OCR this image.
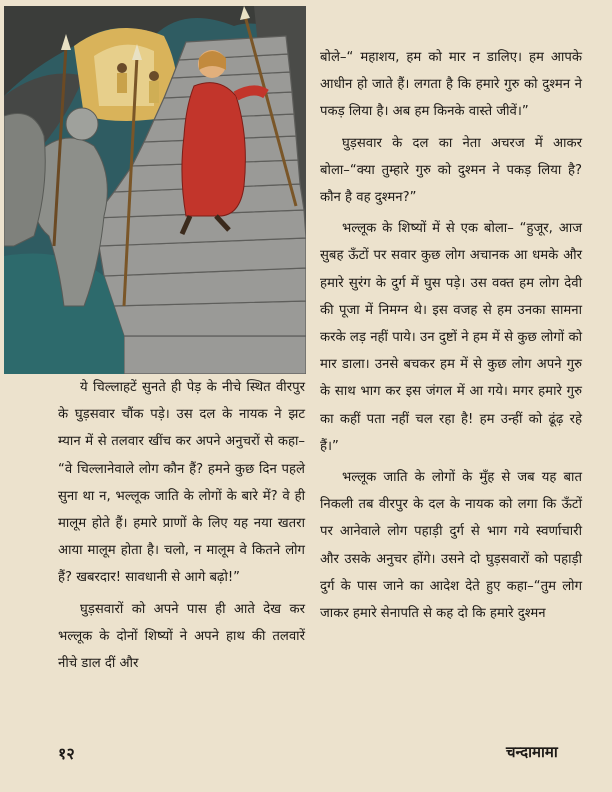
ये चिल्लाहटें सुनते ही पेड़ के नीचे स्थित वीरपुर के घुड़सवार चौंक पड़े। उस दल के नायक ने झट म्यान में से तलवार खींच कर अपने अनुचरों से कहा– “वे चिल्लानेवाले लोग कौन हैं? हमने कुछ दिन पहले सुना था न, भल्लूक जाति के लोगों के बारे में? वे ही मालूम होते हैं। हमारे प्राणों के लिए यह नया खतरा आया मालूम होता है। चलो, न मालूम वे कितने लोग हैं? खबरदार! सावधानी से आगे बढ़ो!”

घुड़सवारों को अपने पास ही आते देख कर भल्लूक के दोनों शिष्यों ने अपने हाथ की तलवारें नीचे डाल दीं और

बोले–“ महाशय, हम को मार न डालिए। हम आपके आधीन हो जाते हैं। लगता है कि हमारे गुरु को दुश्मन ने पकड़ लिया है। अब हम किनके वास्ते जीवें।”

घुड़सवार के दल का नेता अचरज में आकर बोला–“क्या तुम्हारे गुरु को दुश्मन ने पकड़ लिया है? कौन है वह दुश्मन?”

भल्लूक के शिष्यों में से एक बोला– “हुजूर, आज सुबह ऊँटों पर सवार कुछ लोग अचानक आ धमके और हमारे सुरंग के दुर्ग में घुस पड़े। उस वक्त हम लोग देवी की पूजा में निमग्न थे। इस वजह से हम उनका सामना करके लड़ नहीं पाये। उन दुष्टों ने हम में से कुछ लोगों को मार डाला। उनसे बचकर हम में से कुछ लोग अपने गुरु के साथ भाग कर इस जंगल में आ गये। मगर हमारे गुरु का कहीं पता नहीं चल रहा है! हम उन्हीं को ढूंढ़ रहे हैं।”

भल्लूक जाति के लोगों के मुँह से जब यह बात निकली तब वीरपुर के दल के नायक को लगा कि ऊँटों पर आनेवाले लोग पहाड़ी दुर्ग से भाग गये स्वर्णाचारी और उसके अनुचर होंगे। उसने दो घुड़सवारों को पहाड़ी दुर्ग के पास जाने का आदेश देते हुए कहा–“तुम लोग जाकर हमारे सेनापति से कह दो कि हमारे दुश्मन

१२	चन्दामामा
